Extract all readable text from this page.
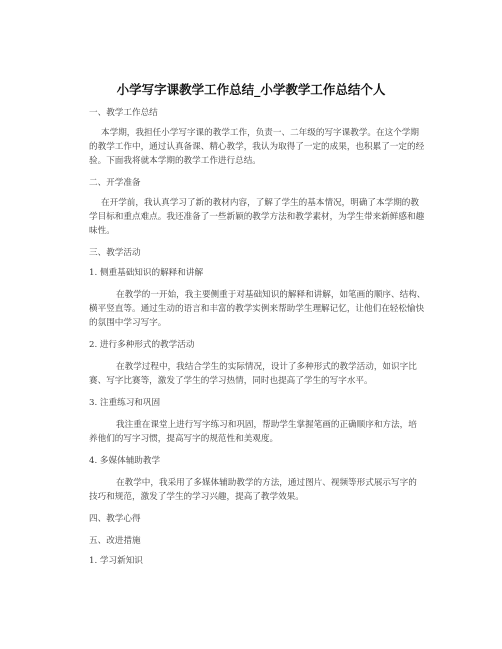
小学写字课教学工作总结_小学教学工作总结个人
一、教学工作总结
本学期，我担任小学写字课的教学工作，负责一、二年级的写字课教学。在这个学期
的教学工作中，通过认真备课、精心教学，我认为取得了一定的成果，也积累了一定的经
验。下面我将就本学期的教学工作进行总结。
二、开学准备
在开学前，我认真学习了新的教材内容，了解了学生的基本情况，明确了本学期的教
学目标和重点难点。我还准备了一些新颖的教学方法和教学素材，为学生带来新鲜感和趣
味性。
三、教学活动
1. 侧重基础知识的解释和讲解
在教学的一开始，我主要侧重于对基础知识的解释和讲解，如笔画的顺序、结构、
横平竖直等。通过生动的语言和丰富的教学实例来帮助学生理解记忆，让他们在轻松愉快
的氛围中学习写字。
2. 进行多种形式的教学活动
在教学过程中，我结合学生的实际情况，设计了多种形式的教学活动，如识字比
赛、写字比赛等，激发了学生的学习热情，同时也提高了学生的写字水平。
3. 注重练习和巩固
我注重在课堂上进行写字练习和巩固，帮助学生掌握笔画的正确顺序和方法，培
养他们的写字习惯，提高写字的规范性和美观度。
4. 多媒体辅助教学
在教学中，我采用了多媒体辅助教学的方法，通过图片、视频等形式展示写字的
技巧和规范，激发了学生的学习兴趣，提高了教学效果。
四、教学心得
五、改进措施
1. 学习新知识
